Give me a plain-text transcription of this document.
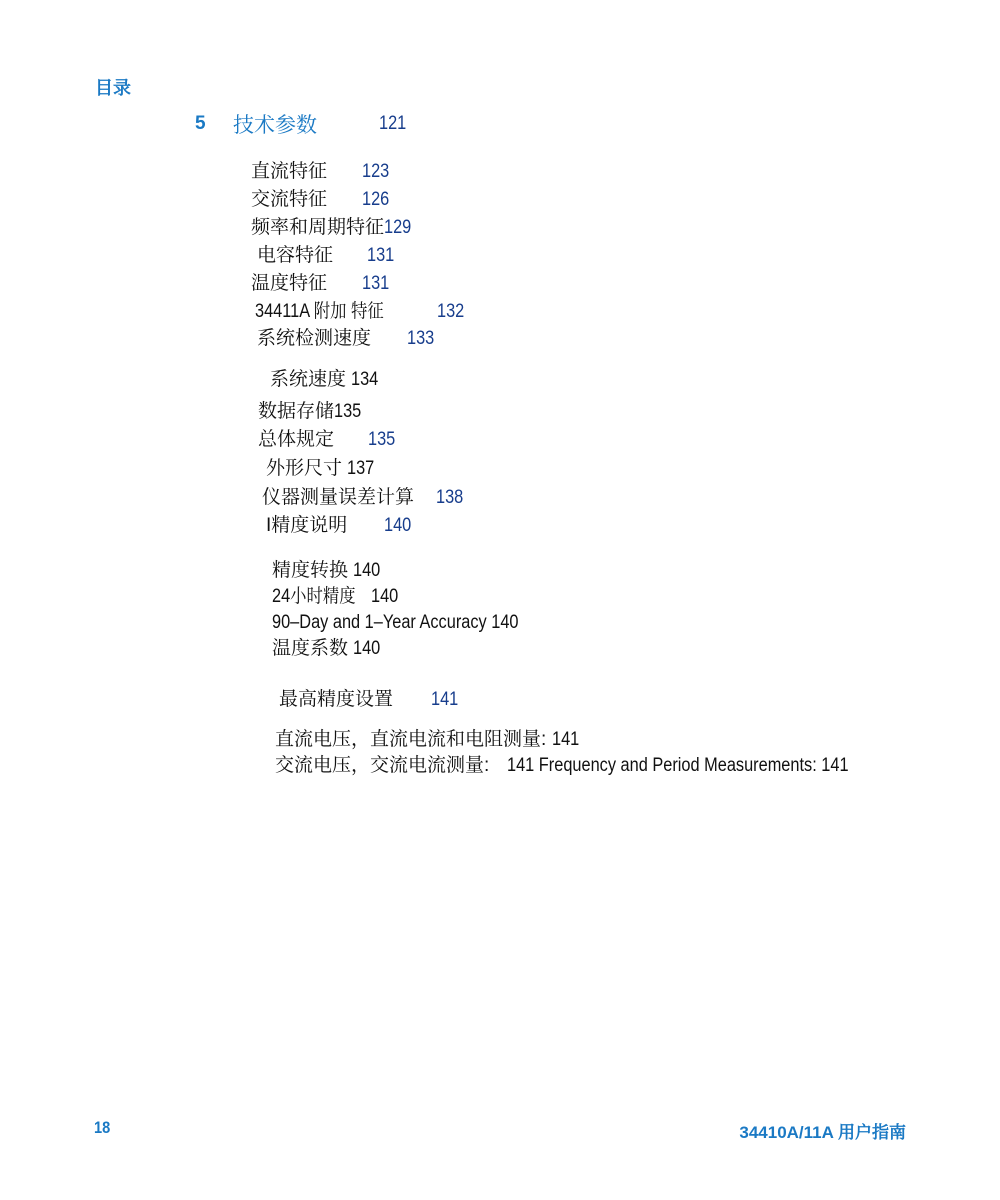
目录
5 技术参数	121
直流特征 123
交流特征 126
频率和周期特征129
电容特征 131
温度特征 131
34411A 附加 特征	132
系统检测速度 133
系统速度 134
数据存储135
总体规定 135
外形尺寸 137
仪器测量误差计算 138
I精度说明 140
精度转换 140
24小时精度 140
90–Day and 1–Year Accuracy 140
温度系数 140
最高精度设置 141
直流电压，直流电流和电阻测量: 141
交流电压，交流电流测量: 141 Frequency and Period Measurements: 141
18	34410A/11A 用户指南
